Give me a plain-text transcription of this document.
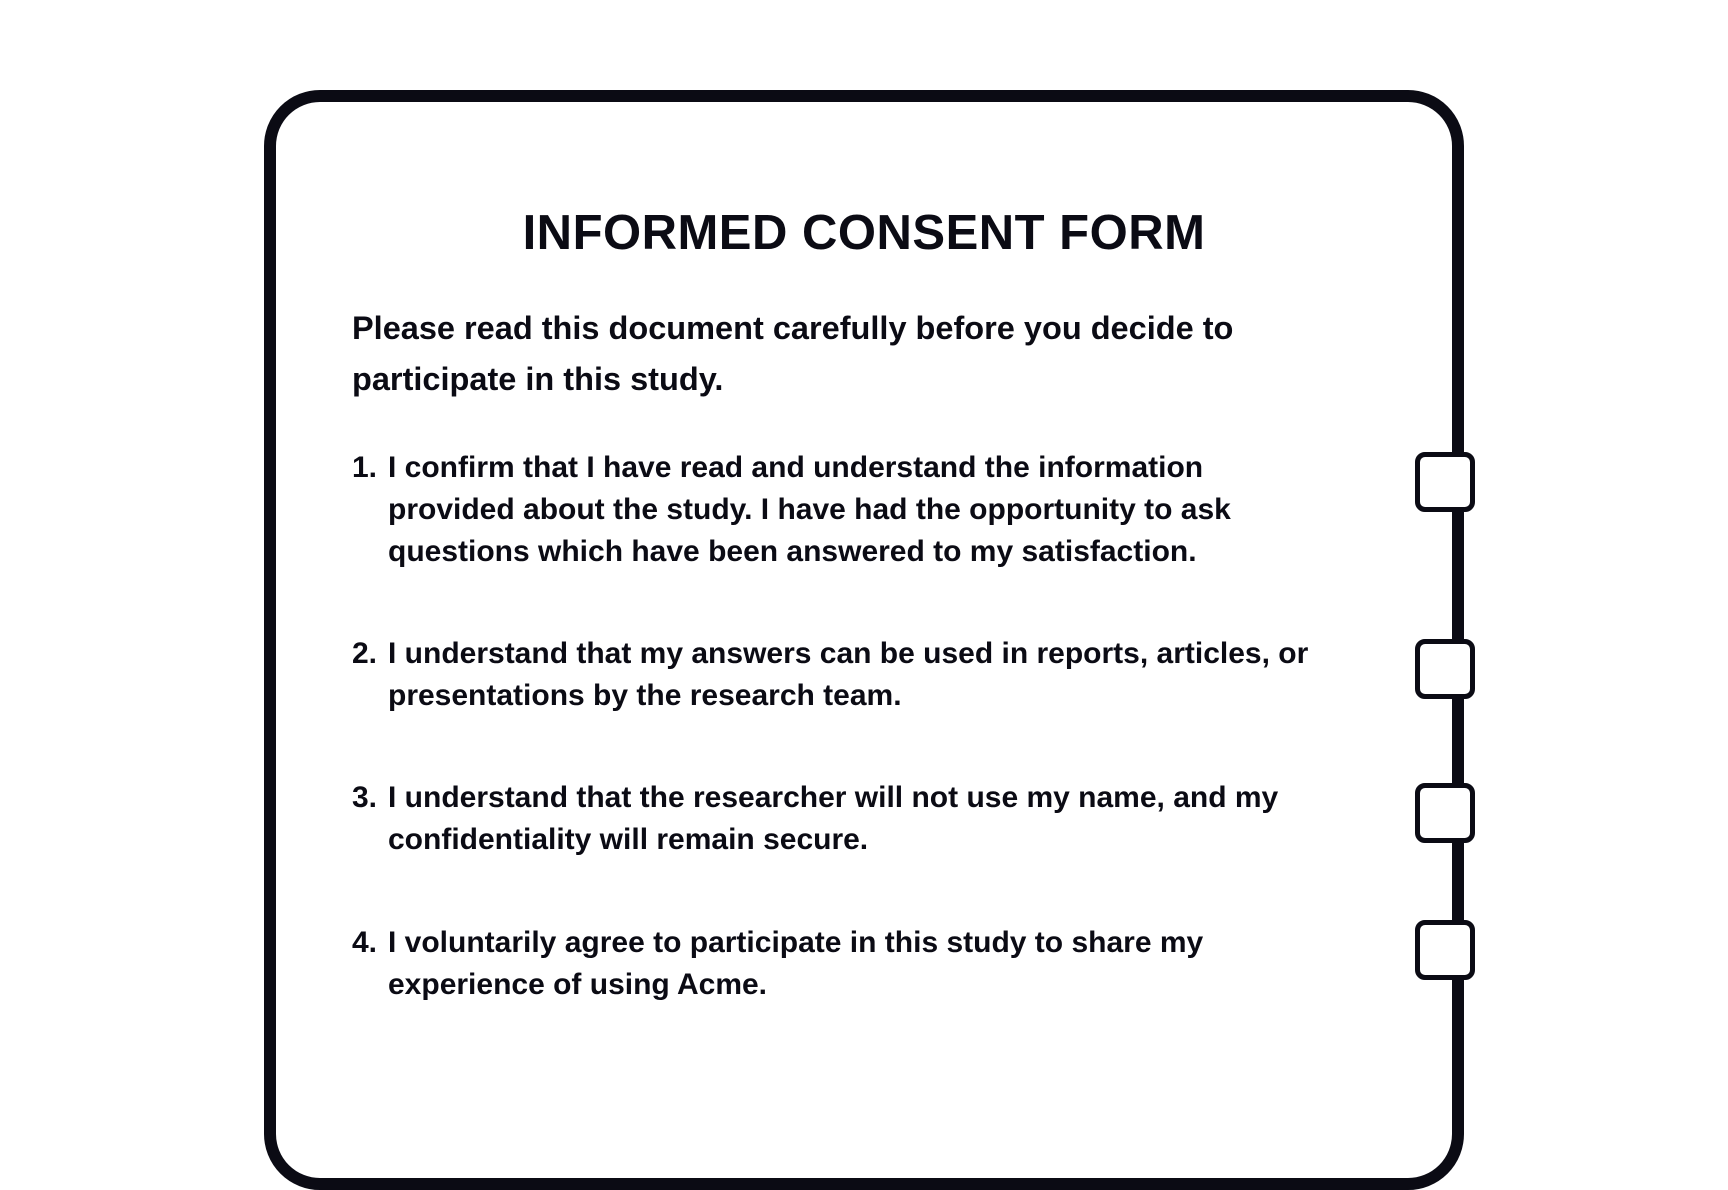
INFORMED CONSENT FORM

Please read this document carefully before you decide to participate in this study.

1. I confirm that I have read and understand the information provided about the study. I have had the opportunity to ask questions which have been answered to my satisfaction.

2. I understand that my answers can be used in reports, articles, or presentations by the research team.

3. I understand that the researcher will not use my name, and my confidentiality will remain secure.

4. I voluntarily agree to participate in this study to share my experience of using Acme.
